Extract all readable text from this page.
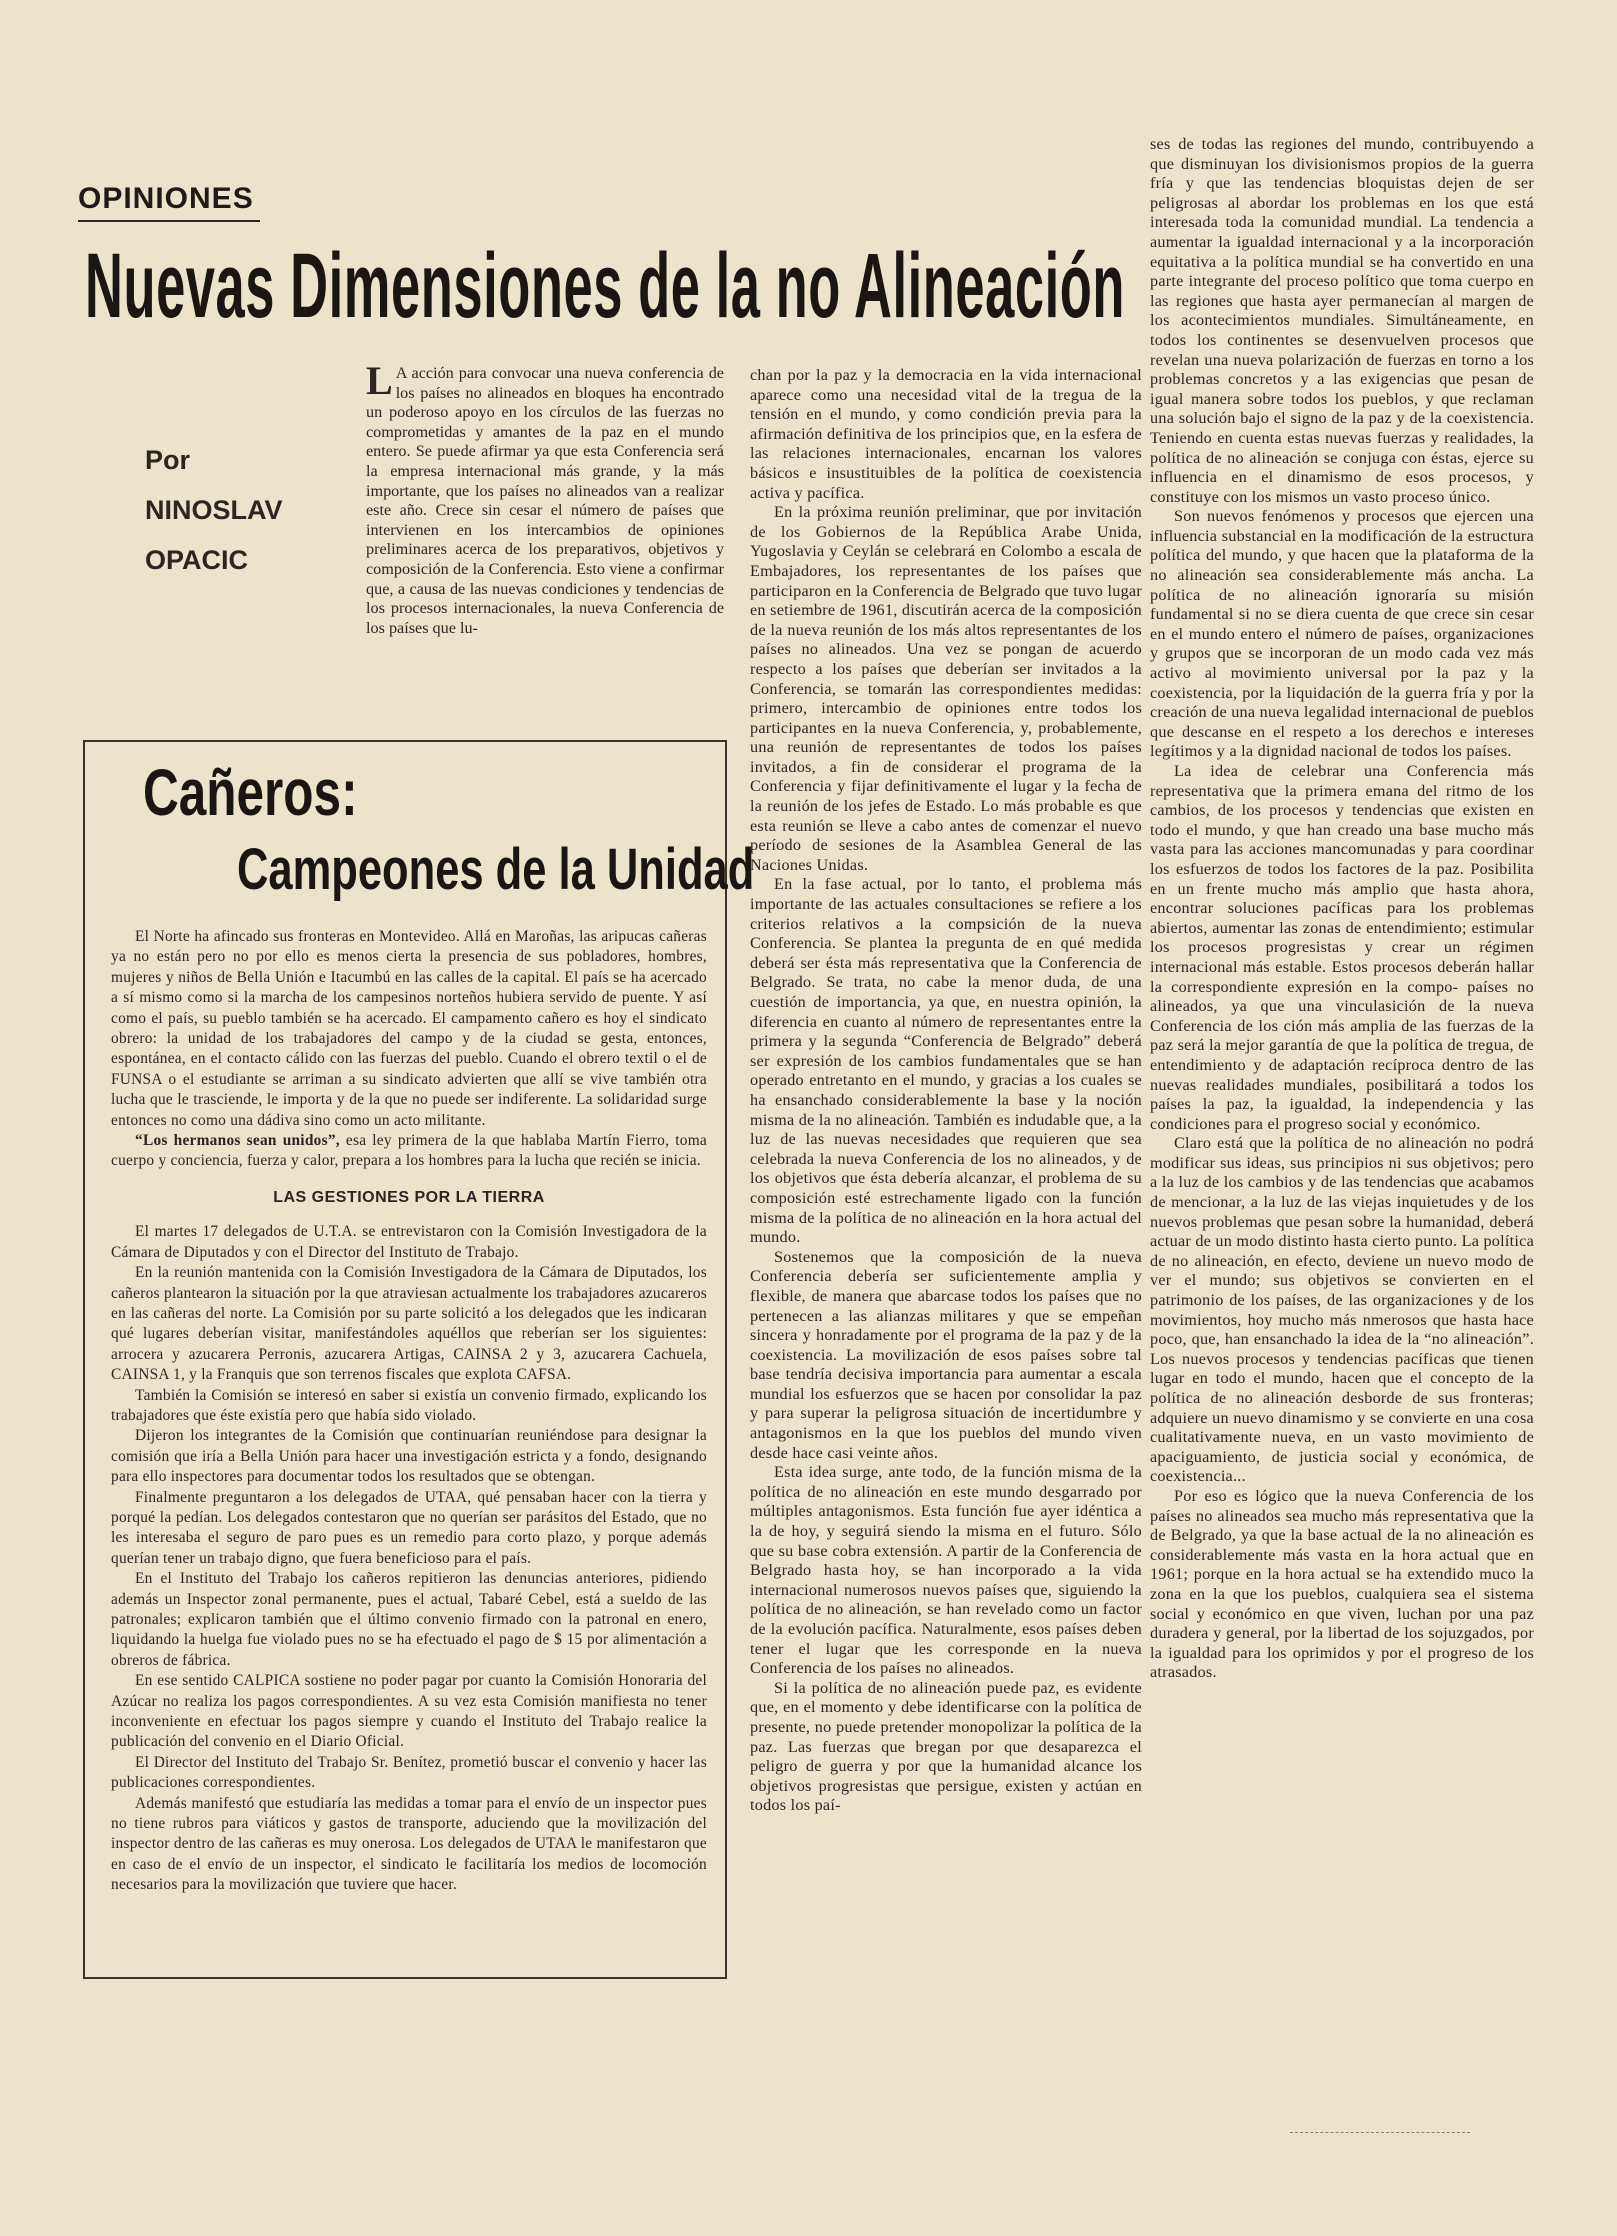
OPINIONES
Nuevas Dimensiones de la no Alineación
Por
NINOSLAV
OPACIC

L A acción para convocar una nueva conferencia de los países no alineados en bloques ha encontrado un poderoso apoyo en los círculos de las fuerzas no comprometidas y amantes de la paz en el mundo entero. Se puede afirmar ya que esta Conferencia será la empresa internacional más grande, y la más importante, que los países no alineados van a realizar este año. Crece sin cesar el número de países que intervienen en los intercambios de opiniones preliminares acerca de los preparativos, objetivos y composición de la Conferencia. Esto viene a confirmar que, a causa de las nuevas condiciones y tendencias de los procesos internacionales, la nueva Conferencia de los países que lu-

chan por la paz y la democracia en la vida internacional aparece como una necesidad vital de la tregua de la tensión en el mundo, y como condición previa para la afirmación definitiva de los principios que, en la esfera de las relaciones internacionales, encarnan los valores básicos e insustituibles de la política de coexistencia activa y pacífica.

En la próxima reunión preliminar, que por invitación de los Gobiernos de la República Arabe Unida, Yugoslavia y Ceylán se celebrará en Colombo a escala de Embajadores, los representantes de los países que participaron en la Conferencia de Belgrado que tuvo lugar en setiembre de 1961, discutirán acerca de la composición de la nueva reunión de los más altos representantes de los países no alineados. Una vez se pongan de acuerdo respecto a los países que deberían ser invitados a la Conferencia, se tomarán las correspondientes medidas: primero, intercambio de opiniones entre todos los participantes en la nueva Conferencia, y, probablemente, una reunión de representantes de todos los países invitados, a fin de considerar el programa de la Conferencia y fijar definitivamente el lugar y la fecha de la reunión de los jefes de Estado. Lo más probable es que esta reunión se lleve a cabo antes de comenzar el nuevo período de sesiones de la Asamblea General de las Naciones Unidas.

En la fase actual, por lo tanto, el problema más importante de las actuales consultaciones se refiere a los criterios relativos a la compsición de la nueva Conferencia. Se plantea la pregunta de en qué medida deberá ser ésta más representativa que la Conferencia de Belgrado. Se trata, no cabe la menor duda, de una cuestión de importancia, ya que, en nuestra opinión, la diferencia en cuanto al número de representantes entre la primera y la segunda “Conferencia de Belgrado” deberá ser expresión de los cambios fundamentales que se han operado entretanto en el mundo, y gracias a los cuales se ha ensanchado considerablemente la base y la noción misma de la no alineación. También es indudable que, a la luz de las nuevas necesidades que requieren que sea celebrada la nueva Conferencia de los no alineados, y de los objetivos que ésta debería alcanzar, el problema de su composición esté estrechamente ligado con la función misma de la política de no alineación en la hora actual del mundo.

Sostenemos que la composición de la nueva Conferencia debería ser suficientemente amplia y flexible, de manera que abarcase todos los países que no pertenecen a las alianzas militares y que se empeñan sincera y honradamente por el programa de la paz y de la coexistencia. La movilización de esos países sobre tal base tendría decisiva importancia para aumentar a escala mundial los esfuerzos que se hacen por consolidar la paz y para superar la peligrosa situación de incertidumbre y antagonismos en la que los pueblos del mundo viven desde hace casi veinte años.

Esta idea surge, ante todo, de la función misma de la política de no alineación en este mundo desgarrado por múltiples antagonismos. Esta función fue ayer idéntica a la de hoy, y seguirá siendo la misma en el futuro. Sólo que su base cobra extensión. A partir de la Conferencia de Belgrado hasta hoy, se han incorporado a la vida internacional numerosos nuevos países que, siguiendo la política de no alineación, se han revelado como un factor de la evolución pacífica. Naturalmente, esos países deben tener el lugar que les corresponde en la nueva Conferencia de los países no alineados.

Si la política de no alineación puede paz, es evidente que, en el momento y debe identificarse con la política de presente, no puede pretender monopolizar la política de la paz. Las fuerzas que bregan por que desaparezca el peligro de guerra y por que la humanidad alcance los objetivos progresistas que persigue, existen y actúan en todos los paí-

ses de todas las regiones del mundo, contribuyendo a que disminuyan los divisionismos propios de la guerra fría y que las tendencias bloquistas dejen de ser peligrosas al abordar los problemas en los que está interesada toda la comunidad mundial. La tendencia a aumentar la igualdad internacional y a la incorporación equitativa a la política mundial se ha convertido en una parte integrante del proceso político que toma cuerpo en las regiones que hasta ayer permanecían al margen de los acontecimientos mundiales. Simultáneamente, en todos los continentes se desenvuelven procesos que revelan una nueva polarización de fuerzas en torno a los problemas concretos y a las exigencias que pesan de igual manera sobre todos los pueblos, y que reclaman una solución bajo el signo de la paz y de la coexistencia. Teniendo en cuenta estas nuevas fuerzas y realidades, la política de no alineación se conjuga con éstas, ejerce su influencia en el dinamismo de esos procesos, y constituye con los mismos un vasto proceso único.

Son nuevos fenómenos y procesos que ejercen una influencia substancial en la modificación de la estructura política del mundo, y que hacen que la plataforma de la no alineación sea considerablemente más ancha. La política de no alineación ignoraría su misión fundamental si no se diera cuenta de que crece sin cesar en el mundo entero el número de países, organizaciones y grupos que se incorporan de un modo cada vez más activo al movimiento universal por la paz y la coexistencia, por la liquidación de la guerra fría y por la creación de una nueva legalidad internacional de pueblos que descanse en el respeto a los derechos e intereses legítimos y a la dignidad nacional de todos los países.

La idea de celebrar una Conferencia más representativa que la primera emana del ritmo de los cambios, de los procesos y tendencias que existen en todo el mundo, y que han creado una base mucho más vasta para las acciones mancomunadas y para coordinar los esfuerzos de todos los factores de la paz. Posibilita en un frente mucho más amplio que hasta ahora, encontrar soluciones pacíficas para los problemas abiertos, aumentar las zonas de entendimiento; estimular los procesos progresistas y crear un régimen internacional más estable. Estos procesos deberán hallar la correspondiente expresión en la compo- países no alineados, ya que una vinculasición de la nueva Conferencia de los ción más amplia de las fuerzas de la paz será la mejor garantía de que la política de tregua, de entendimiento y de adaptación recíproca dentro de las nuevas realidades mundiales, posibilitará a todos los países la paz, la igualdad, la independencia y las condiciones para el progreso social y económico.

Claro está que la política de no alineación no podrá modificar sus ideas, sus principios ni sus objetivos; pero a la luz de los cambios y de las tendencias que acabamos de mencionar, a la luz de las viejas inquietudes y de los nuevos problemas que pesan sobre la humanidad, deberá actuar de un modo distinto hasta cierto punto. La política de no alineación, en efecto, deviene un nuevo modo de ver el mundo; sus objetivos se convierten en el patrimonio de los países, de las organizaciones y de los movimientos, hoy mucho más nmerosos que hasta hace poco, que, han ensanchado la idea de la “no alineación”. Los nuevos procesos y tendencias pacíficas que tienen lugar en todo el mundo, hacen que el concepto de la política de no alineación desborde de sus fronteras; adquiere un nuevo dinamismo y se convierte en una cosa cualitativamente nueva, en un vasto movimiento de apaciguamiento, de justicia social y económica, de coexistencia...

Por eso es lógico que la nueva Conferencia de los países no alineados sea mucho más representativa que la de Belgrado, ya que la base actual de la no alineación es considerablemente más vasta en la hora actual que en 1961; porque en la hora actual se ha extendido muco la zona en la que los pueblos, cualquiera sea el sistema social y económico en que viven, luchan por una paz duradera y general, por la libertad de los sojuzgados, por la igualdad para los oprimidos y por el progreso de los atrasados.

Cañeros:
Campeones de la Unidad

El Norte ha afincado sus fronteras en Montevideo. Allá en Maroñas, las aripucas cañeras ya no están pero no por ello es menos cierta la presencia de sus pobladores, hombres, mujeres y niños de Bella Unión e Itacumbú en las calles de la capital. El país se ha acercado a sí mismo como si la marcha de los campesinos norteños hubiera servido de puente. Y así como el país, su pueblo también se ha acercado. El campamento cañero es hoy el sindicato obrero: la unidad de los trabajadores del campo y de la ciudad se gesta, entonces, espontánea, en el contacto cálido con las fuerzas del pueblo. Cuando el obrero textil o el de FUNSA o el estudiante se arriman a su sindicato advierten que allí se vive también otra lucha que le trasciende, le importa y de la que no puede ser indiferente. La solidaridad surge entonces no como una dádiva sino como un acto militante.

“Los hermanos sean unidos”, esa ley primera de la que hablaba Martín Fierro, toma cuerpo y conciencia, fuerza y calor, prepara a los hombres para la lucha que recién se inicia.

LAS GESTIONES POR LA TIERRA

El martes 17 delegados de U.T.A. se entrevistaron con la Comisión Investigadora de la Cámara de Diputados y con el Director del Instituto de Trabajo.

En la reunión mantenida con la Comisión Investigadora de la Cámara de Diputados, los cañeros plantearon la situación por la que atraviesan actualmente los trabajadores azucareros en las cañeras del norte. La Comisión por su parte solicitó a los delegados que les indicaran qué lugares deberían visitar, manifestándoles aquéllos que reberían ser los siguientes: arrocera y azucarera Perronis, azucarera Artigas, CAINSA 2 y 3, azucarera Cachuela, CAINSA 1, y la Franquis que son terrenos fiscales que explota CAFSA.

También la Comisión se interesó en saber si existía un convenio firmado, explicando los trabajadores que éste existía pero que había sido violado.

Dijeron los integrantes de la Comisión que continuarían reuniéndose para designar la comisión que iría a Bella Unión para hacer una investigación estricta y a fondo, designando para ello inspectores para documentar todos los resultados que se obtengan.

Finalmente preguntaron a los delegados de UTAA, qué pensaban hacer con la tierra y porqué la pedían. Los delegados contestaron que no querían ser parásitos del Estado, que no les interesaba el seguro de paro pues es un remedio para corto plazo, y porque además querían tener un trabajo digno, que fuera beneficioso para el país.

En el Instituto del Trabajo los cañeros repitieron las denuncias anteriores, pidiendo además un Inspector zonal permanente, pues el actual, Tabaré Cebel, está a sueldo de las patronales; explicaron también que el último convenio firmado con la patronal en enero, liquidando la huelga fue violado pues no se ha efectuado el pago de $ 15 por alimentación a obreros de fábrica.

En ese sentido CALPICA sostiene no poder pagar por cuanto la Comisión Honoraria del Azúcar no realiza los pagos correspondientes. A su vez esta Comisión manifiesta no tener inconveniente en efectuar los pagos siempre y cuando el Instituto del Trabajo realice la publicación del convenio en el Diario Oficial.

El Director del Instituto del Trabajo Sr. Benítez, prometió buscar el convenio y hacer las publicaciones correspondientes.

Además manifestó que estudiaría las medidas a tomar para el envío de un inspector pues no tiene rubros para viáticos y gastos de transporte, aduciendo que la movilización del inspector dentro de las cañeras es muy onerosa. Los delegados de UTAA le manifestaron que en caso de el envío de un inspector, el sindicato le facilitaría los medios de locomoción necesarios para la movilización que tuviere que hacer.
